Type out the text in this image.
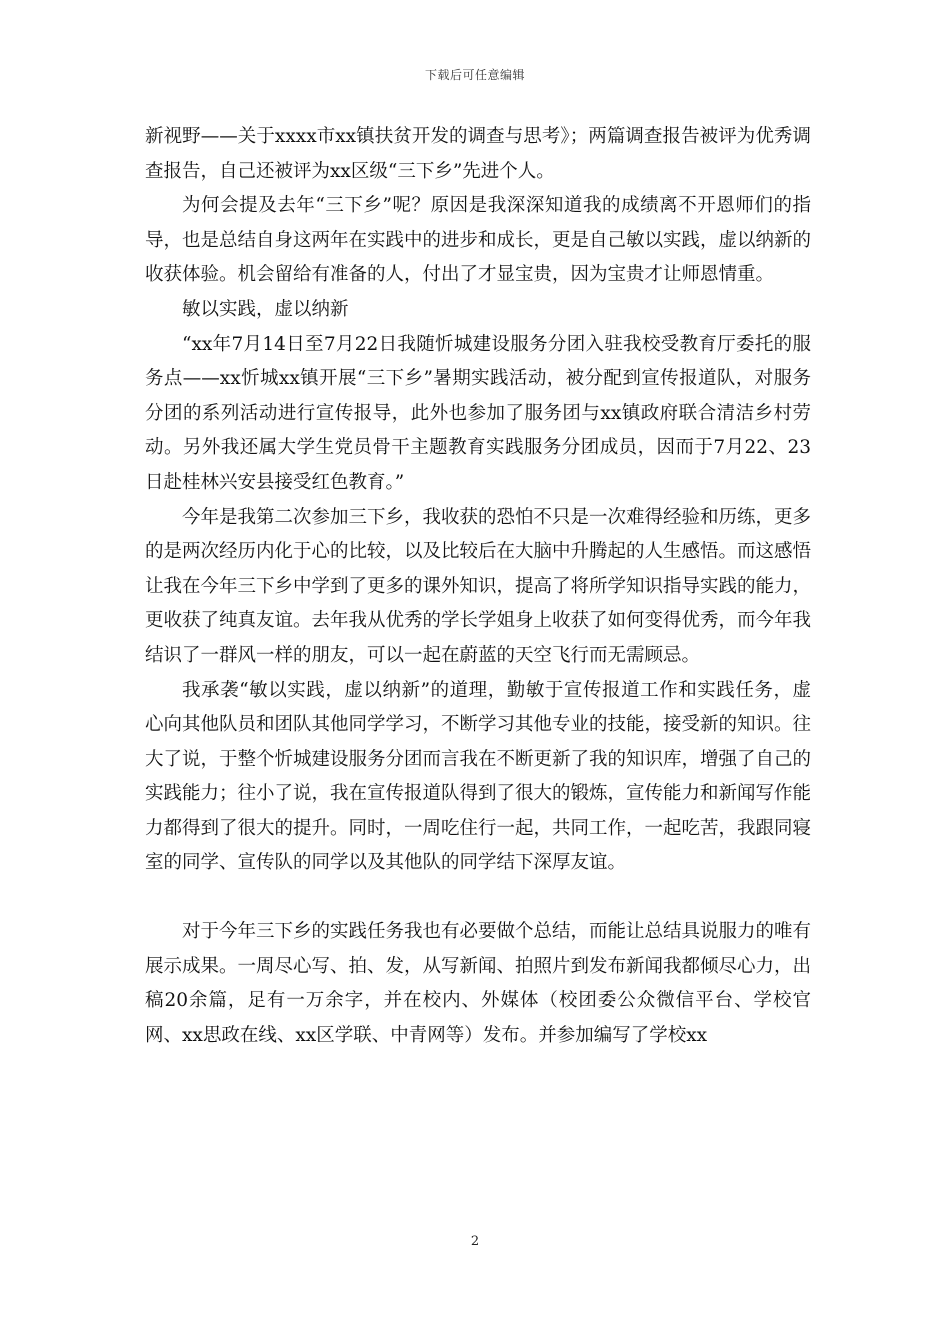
下载后可任意编辑

新视野——关于xxxx市xx镇扶贫开发的调查与思考》；两篇调查报告被评为优秀调查报告，自己还被评为xx区级“三下乡”先进个人。

为何会提及去年“三下乡”呢？原因是我深深知道我的成绩离不开恩师们的指导，也是总结自身这两年在实践中的进步和成长，更是自己敏以实践，虚以纳新的收获体验。机会留给有准备的人，付出了才显宝贵，因为宝贵才让师恩情重。

敏以实践，虚以纳新

“xx年7月14日至7月22日我随忻城建设服务分团入驻我校受教育厅委托的服务点——xx忻城xx镇开展“三下乡”暑期实践活动，被分配到宣传报道队，对服务分团的系列活动进行宣传报导，此外也参加了服务团与xx镇政府联合清洁乡村劳动。另外我还属大学生党员骨干主题教育实践服务分团成员，因而于7月22、23日赴桂林兴安县接受红色教育。”

今年是我第二次参加三下乡，我收获的恐怕不只是一次难得经验和历练，更多的是两次经历内化于心的比较，以及比较后在大脑中升腾起的人生感悟。而这感悟让我在今年三下乡中学到了更多的课外知识，提高了将所学知识指导实践的能力，更收获了纯真友谊。去年我从优秀的学长学姐身上收获了如何变得优秀，而今年我结识了一群风一样的朋友，可以一起在蔚蓝的天空飞行而无需顾忌。

我承袭“敏以实践，虚以纳新”的道理，勤敏于宣传报道工作和实践任务，虚心向其他队员和团队其他同学学习，不断学习其他专业的技能，接受新的知识。往大了说，于整个忻城建设服务分团而言我在不断更新了我的知识库，增强了自己的实践能力；往小了说，我在宣传报道队得到了很大的锻炼，宣传能力和新闻写作能力都得到了很大的提升。同时，一周吃住行一起，共同工作，一起吃苦，我跟同寝室的同学、宣传队的同学以及其他队的同学结下深厚友谊。

对于今年三下乡的实践任务我也有必要做个总结，而能让总结具说服力的唯有展示成果。一周尽心写、拍、发，从写新闻、拍照片到发布新闻我都倾尽心力，出稿20余篇，足有一万余字，并在校内、外媒体（校团委公众微信平台、学校官网、xx思政在线、xx区学联、中青网等）发布。并参加编写了学校xx

2
